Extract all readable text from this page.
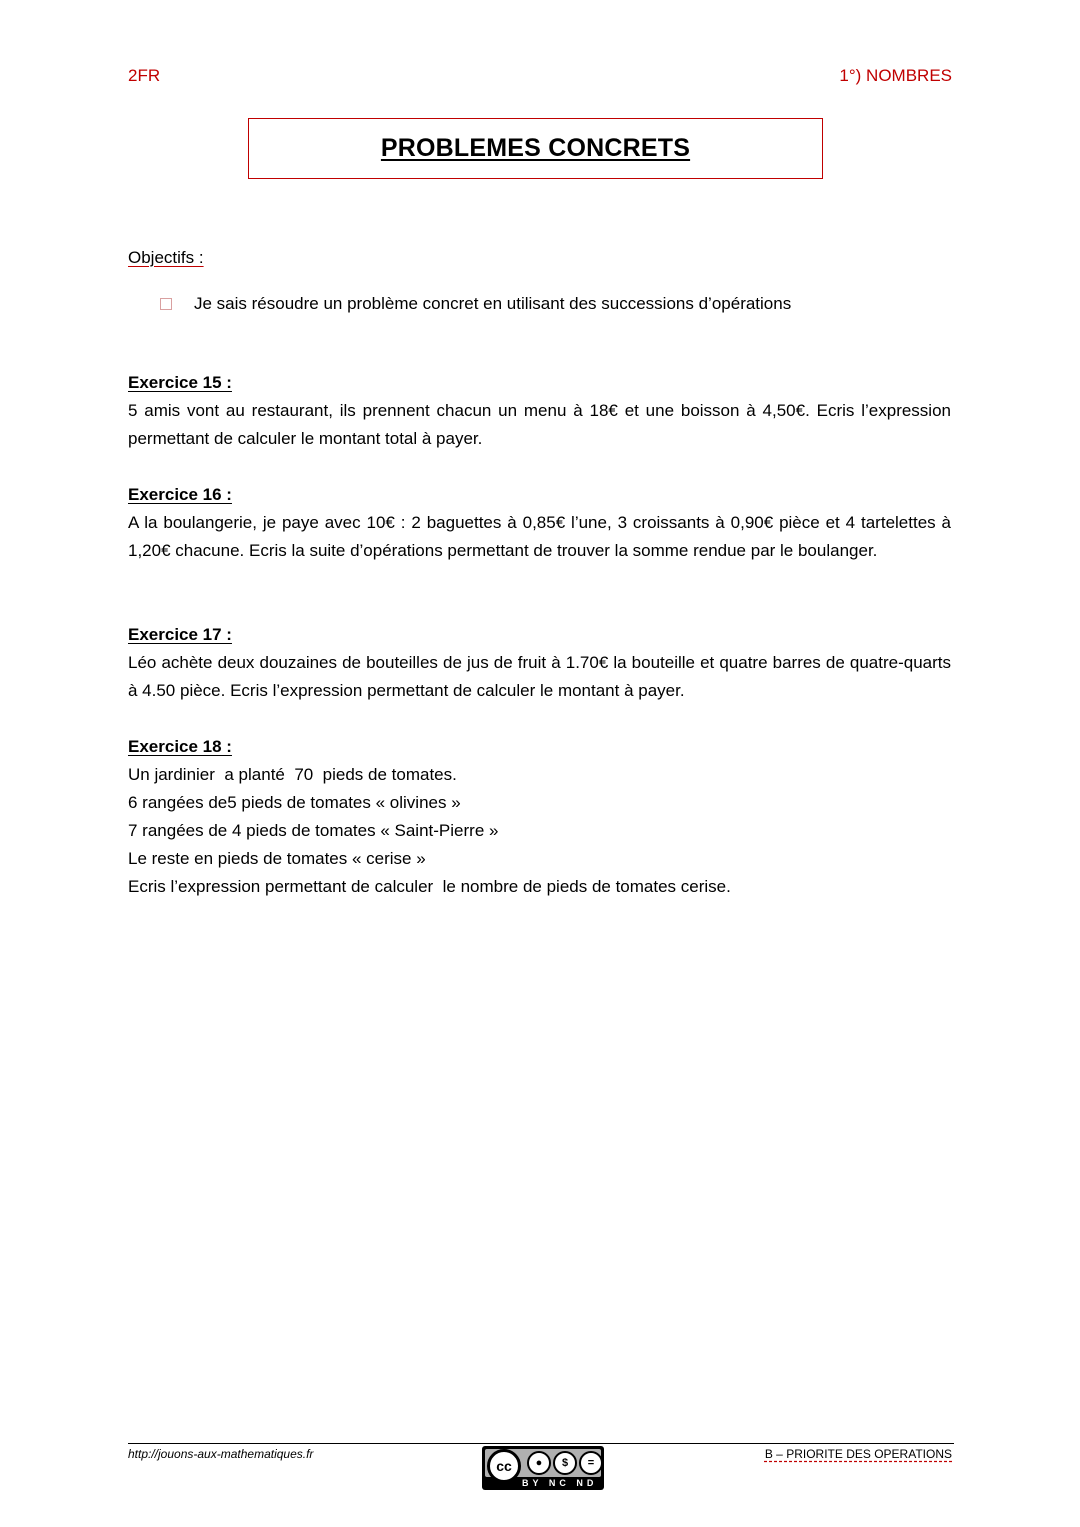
2FR	1°) NOMBRES
PROBLEMES CONCRETS
Objectifs :
Je sais résoudre un problème concret en utilisant des successions d’opérations
Exercice 15 :
5 amis vont au restaurant, ils prennent chacun un menu à 18€ et une boisson à 4,50€. Ecris l’expression permettant de calculer le montant total à payer.
Exercice 16 :
A la boulangerie, je paye avec 10€ : 2 baguettes à 0,85€ l’une, 3 croissants à 0,90€ pièce et 4 tartelettes à 1,20€ chacune. Ecris la suite d’opérations permettant de trouver la somme rendue par le boulanger.
Exercice 17 :
Léo achète deux douzaines de bouteilles de jus de fruit à 1.70€ la bouteille et quatre barres de quatre-quarts à 4.50 pièce. Ecris l’expression permettant de calculer le montant à payer.
Exercice 18 :
Un jardinier  a planté  70  pieds de tomates.
6 rangées de5 pieds de tomates « olivines »
7 rangées de 4 pieds de tomates « Saint-Pierre »
Le reste en pieds de tomates « cerise »
Ecris l’expression permettant de calculer  le nombre de pieds de tomates cerise.
http://jouons-aux-mathematiques.fr
cc	●	$	=
BY NC ND
B – PRIORITE DES OPERATIONS
